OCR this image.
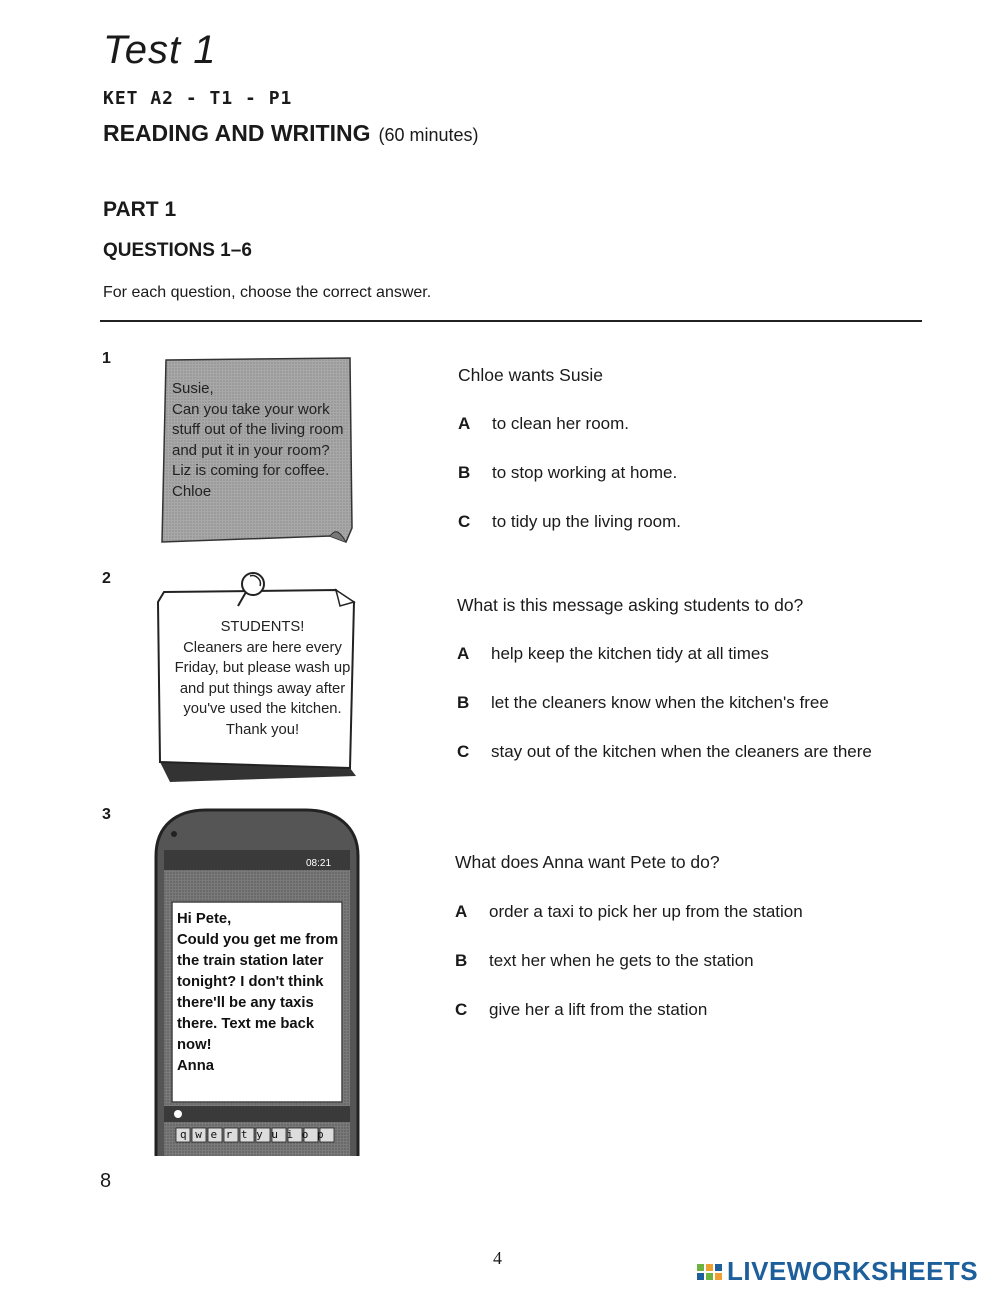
Test 1
KET A2 - T1 - P1
READING AND WRITING (60 minutes)
PART 1
QUESTIONS 1–6
For each question, choose the correct answer.
1
Susie,
Can you take your work stuff out of the living room and put it in your room? Liz is coming for coffee.
Chloe
Chloe wants Susie
A	to clean her room.
B	to stop working at home.
C	to tidy up the living room.
2
STUDENTS!
Cleaners are here every Friday, but please wash up and put things away after you've used the kitchen.
Thank you!
What is this message asking students to do?
A	help keep the kitchen tidy at all times
B	let the cleaners know when the kitchen's free
C	stay out of the kitchen when the cleaners are there
3
08:21
Hi Pete,
Could you get me from the train station later tonight? I don't think there'll be any taxis there. Text me back now!
Anna
qwertyuiop
What does Anna want Pete to do?
A	order a taxi to pick her up from the station
B	text her when he gets to the station
C	give her a lift from the station
8
4	LIVEWORKSHEETS
